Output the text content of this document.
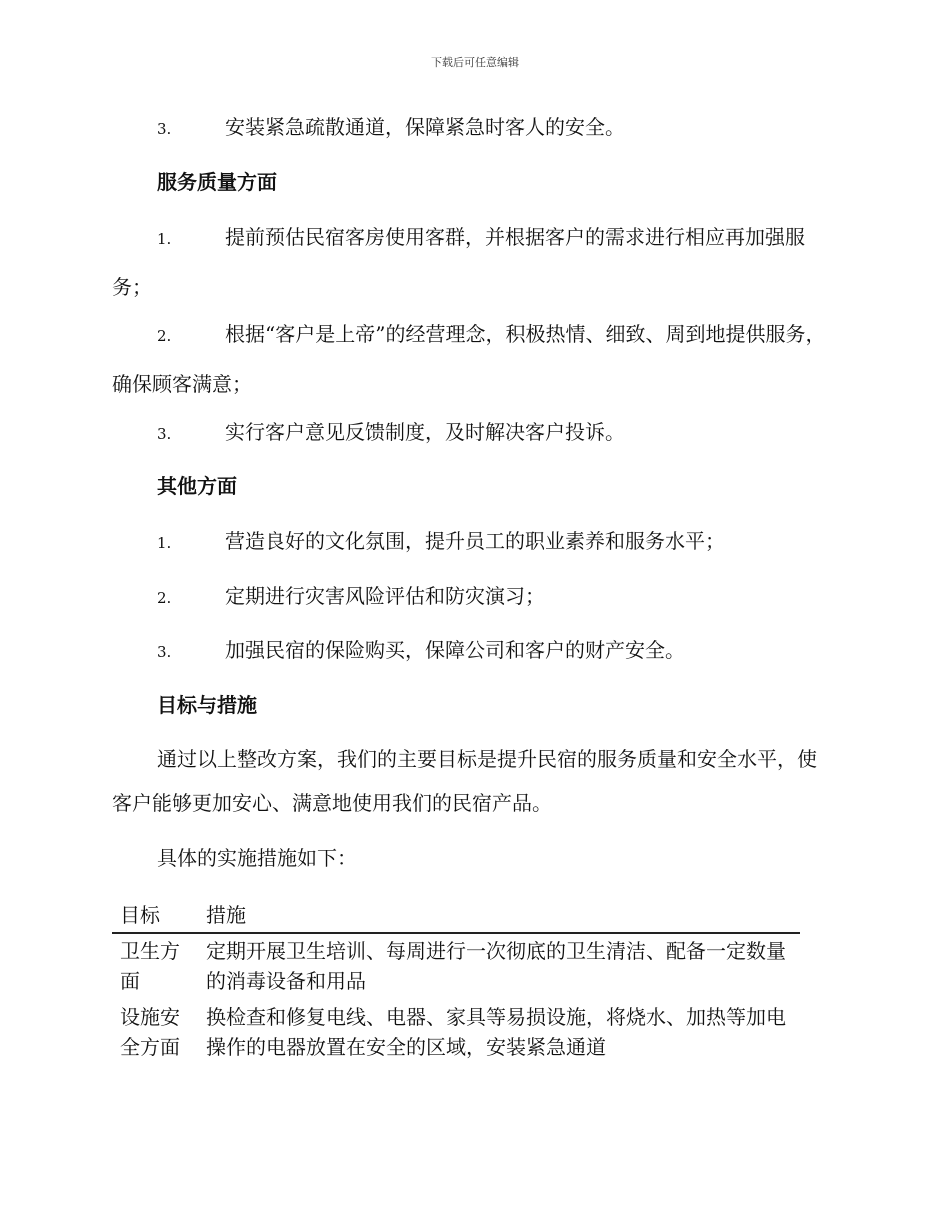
下载后可任意编辑
3.	安装紧急疏散通道，保障紧急时客人的安全。
服务质量方面
1.	提前预估民宿客房使用客群，并根据客户的需求进行相应再加强服务；
2.	根据“客户是上帝”的经营理念，积极热情、细致、周到地提供服务，确保顾客满意；
3.	实行客户意见反馈制度，及时解决客户投诉。
其他方面
1.	营造良好的文化氛围，提升员工的职业素养和服务水平；
2.	定期进行灾害风险评估和防灾演习；
3.	加强民宿的保险购买，保障公司和客户的财产安全。
目标与措施
通过以上整改方案，我们的主要目标是提升民宿的服务质量和安全水平，使客户能够更加安心、满意地使用我们的民宿产品。
具体的实施措施如下：
目标	措施
卫生方面	定期开展卫生培训、每周进行一次彻底的卫生清洁、配备一定数量的消毒设备和用品
设施安全方面	换检查和修复电线、电器、家具等易损设施，将烧水、加热等加电操作的电器放置在安全的区域，安装紧急通道
